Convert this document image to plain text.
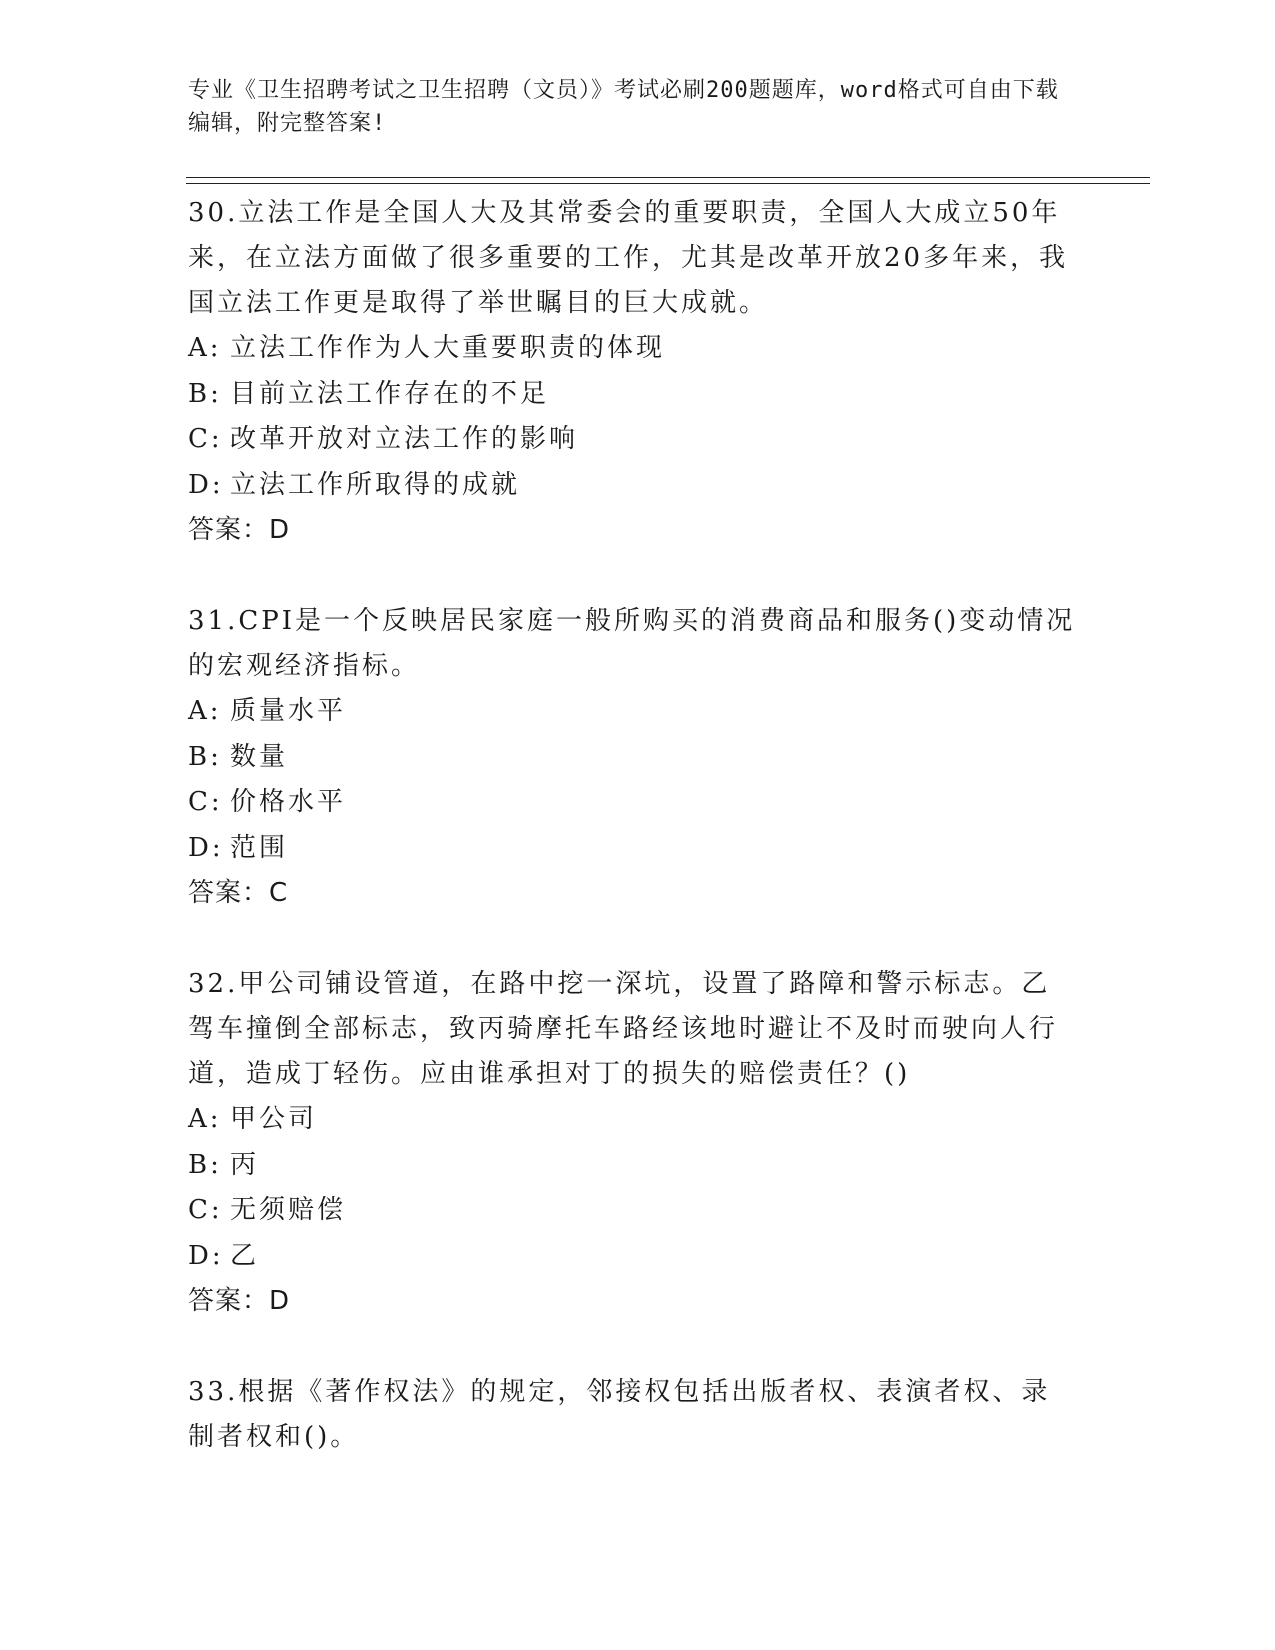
专业《卫生招聘考试之卫生招聘（文员）》考试必刷200题题库，word格式可自由下载编辑，附完整答案!

30.立法工作是全国人大及其常委会的重要职责，全国人大成立50年来，在立法方面做了很多重要的工作，尤其是改革开放20多年来，我国立法工作更是取得了举世瞩目的巨大成就。

A: 立法工作作为人大重要职责的体现

B: 目前立法工作存在的不足

C: 改革开放对立法工作的影响

D: 立法工作所取得的成就

答案：D

31.CPI是一个反映居民家庭一般所购买的消费商品和服务()变动情况的宏观经济指标。

A: 质量水平

B: 数量

C: 价格水平

D: 范围

答案：C

32.甲公司铺设管道，在路中挖一深坑，设置了路障和警示标志。乙驾车撞倒全部标志，致丙骑摩托车路经该地时避让不及时而驶向人行道，造成丁轻伤。应由谁承担对丁的损失的赔偿责任？()

A: 甲公司

B: 丙

C: 无须赔偿

D: 乙

答案：D

33.根据《著作权法》的规定，邻接权包括出版者权、表演者权、录制者权和()。
